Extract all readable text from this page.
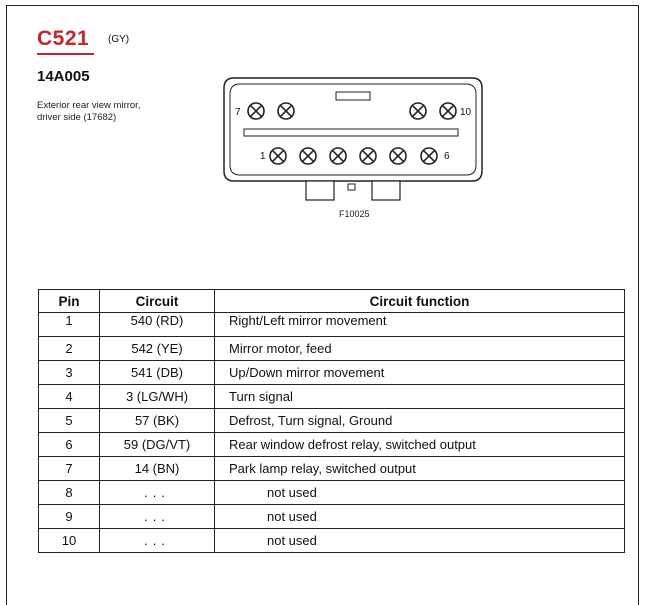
C521 (GY)
14A005
Exterior rear view mirror, driver side (17682)	7	10
1	6
F10025
Pin	Circuit	Circuit function
1	540 (RD)	Right/Left mirror movement
2	542 (YE)	Mirror motor, feed
3	541 (DB)	Up/Down mirror movement
4	3 (LG/WH)	Turn signal
5	57 (BK)	Defrost, Turn signal, Ground
6	59 (DG/VT)	Rear window defrost relay, switched output
7	14 (BN)	Park lamp relay, switched output
8	...	not used
9	...	not used
10	...	not used
